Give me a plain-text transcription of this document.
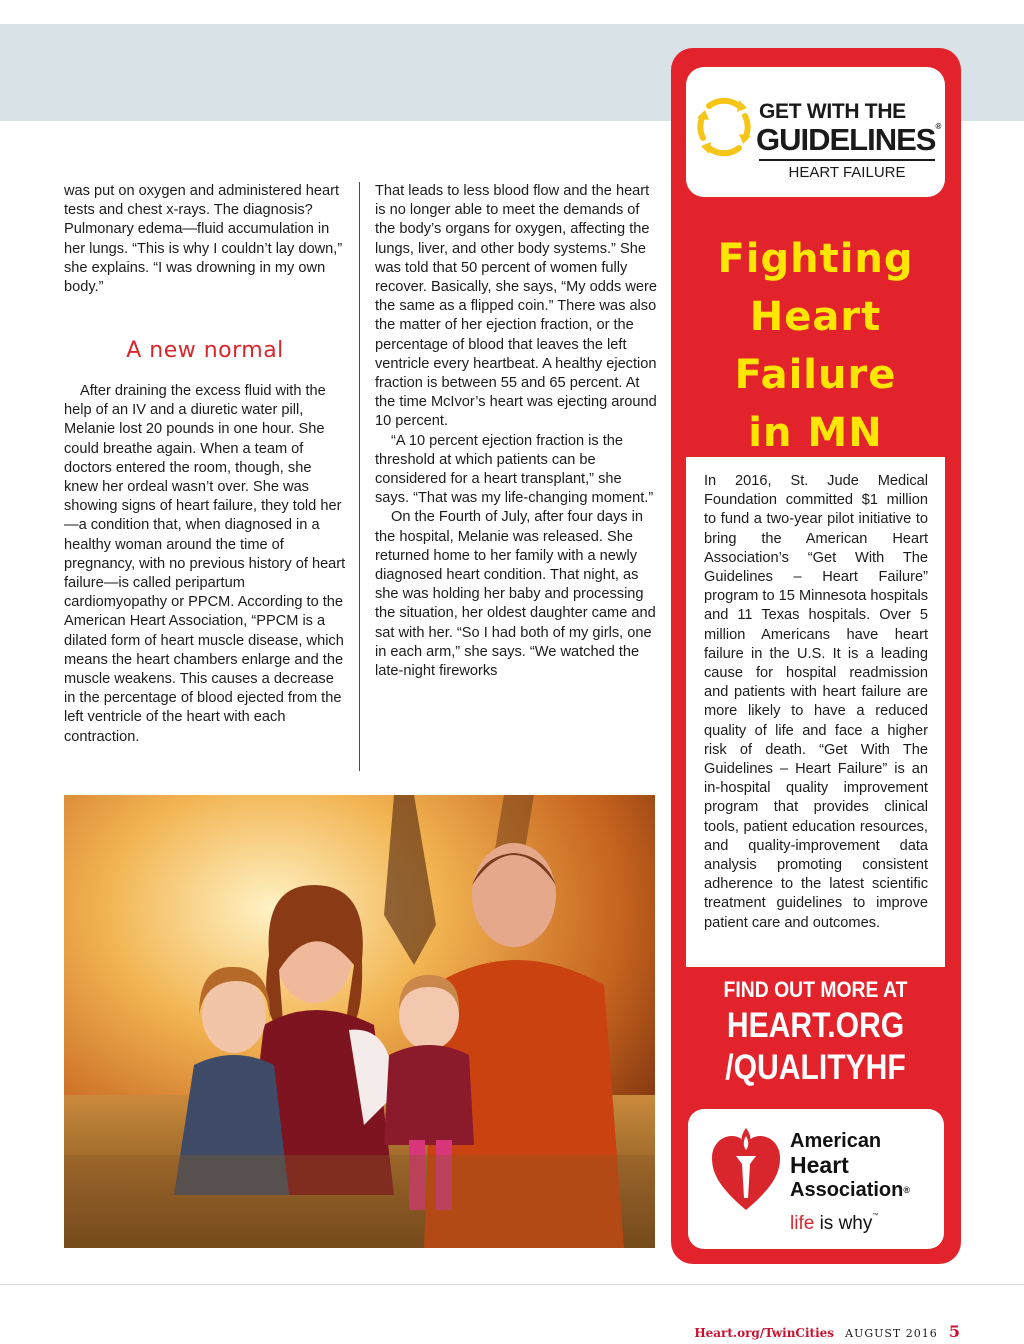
was put on oxygen and administered heart tests and chest x-rays. The diagnosis? Pulmonary edema—fluid accumulation in her lungs. “This is why I couldn’t lay down,” she explains. “I was drowning in my own body.”

A new normal

After draining the excess fluid with the help of an IV and a diuretic water pill, Melanie lost 20 pounds in one hour. She could breathe again. When a team of doctors entered the room, though, she knew her ordeal wasn’t over. She was showing signs of heart failure, they told her—a condition that, when diagnosed in a healthy woman around the time of pregnancy, with no previous history of heart failure—is called peripartum cardiomyopathy or PPCM. According to the American Heart Association, “PPCM is a dilated form of heart muscle disease, which means the heart chambers enlarge and the muscle weakens. This causes a decrease in the percentage of blood ejected from the left ventricle of the heart with each contraction.

That leads to less blood flow and the heart is no longer able to meet the demands of the body’s organs for oxygen, affecting the lungs, liver, and other body systems.” She was told that 50 percent of women fully recover. Basically, she says, “My odds were the same as a flipped coin.” There was also the matter of her ejection fraction, or the percentage of blood that leaves the left ventricle every heartbeat. A healthy ejection fraction is between 55 and 65 percent. At the time McIvor’s heart was ejecting around 10 percent.

“A 10 percent ejection fraction is the threshold at which patients can be considered for a heart transplant,” she says. “That was my life-changing moment.”

On the Fourth of July, after four days in the hospital, Melanie was released. She returned home to her family with a newly diagnosed heart condition. That night, as she was holding her baby and processing the situation, her oldest daughter came and sat with her. “So I had both of my girls, one in each arm,” she says. “We watched the late-night fireworks

GET WITH THE
GUIDELINES®
HEART FAILURE
Fighting
Heart
Failure
in MN
In 2016, St. Jude Medical Foundation committed $1 million to fund a two-year pilot initiative to bring the American Heart Association’s “Get With The Guidelines – Heart Failure” program to 15 Minnesota hospitals and 11 Texas hospitals. Over 5 million Americans have heart failure in the U.S. It is a leading cause for hospital readmission and patients with heart failure are more likely to have a reduced quality of life and face a higher risk of death. “Get With The Guidelines – Heart Failure” is an in-hospital quality improvement program that provides clinical tools, patient education resources, and quality-improvement data analysis promoting consistent adherence to the latest scientific treatment guidelines to improve patient care and outcomes.
FIND OUT MORE AT
HEART.ORG
/QUALITYHF
American
Heart
Association®
life is why™
Heart.org/TwinCities AUGUST 2016 5
